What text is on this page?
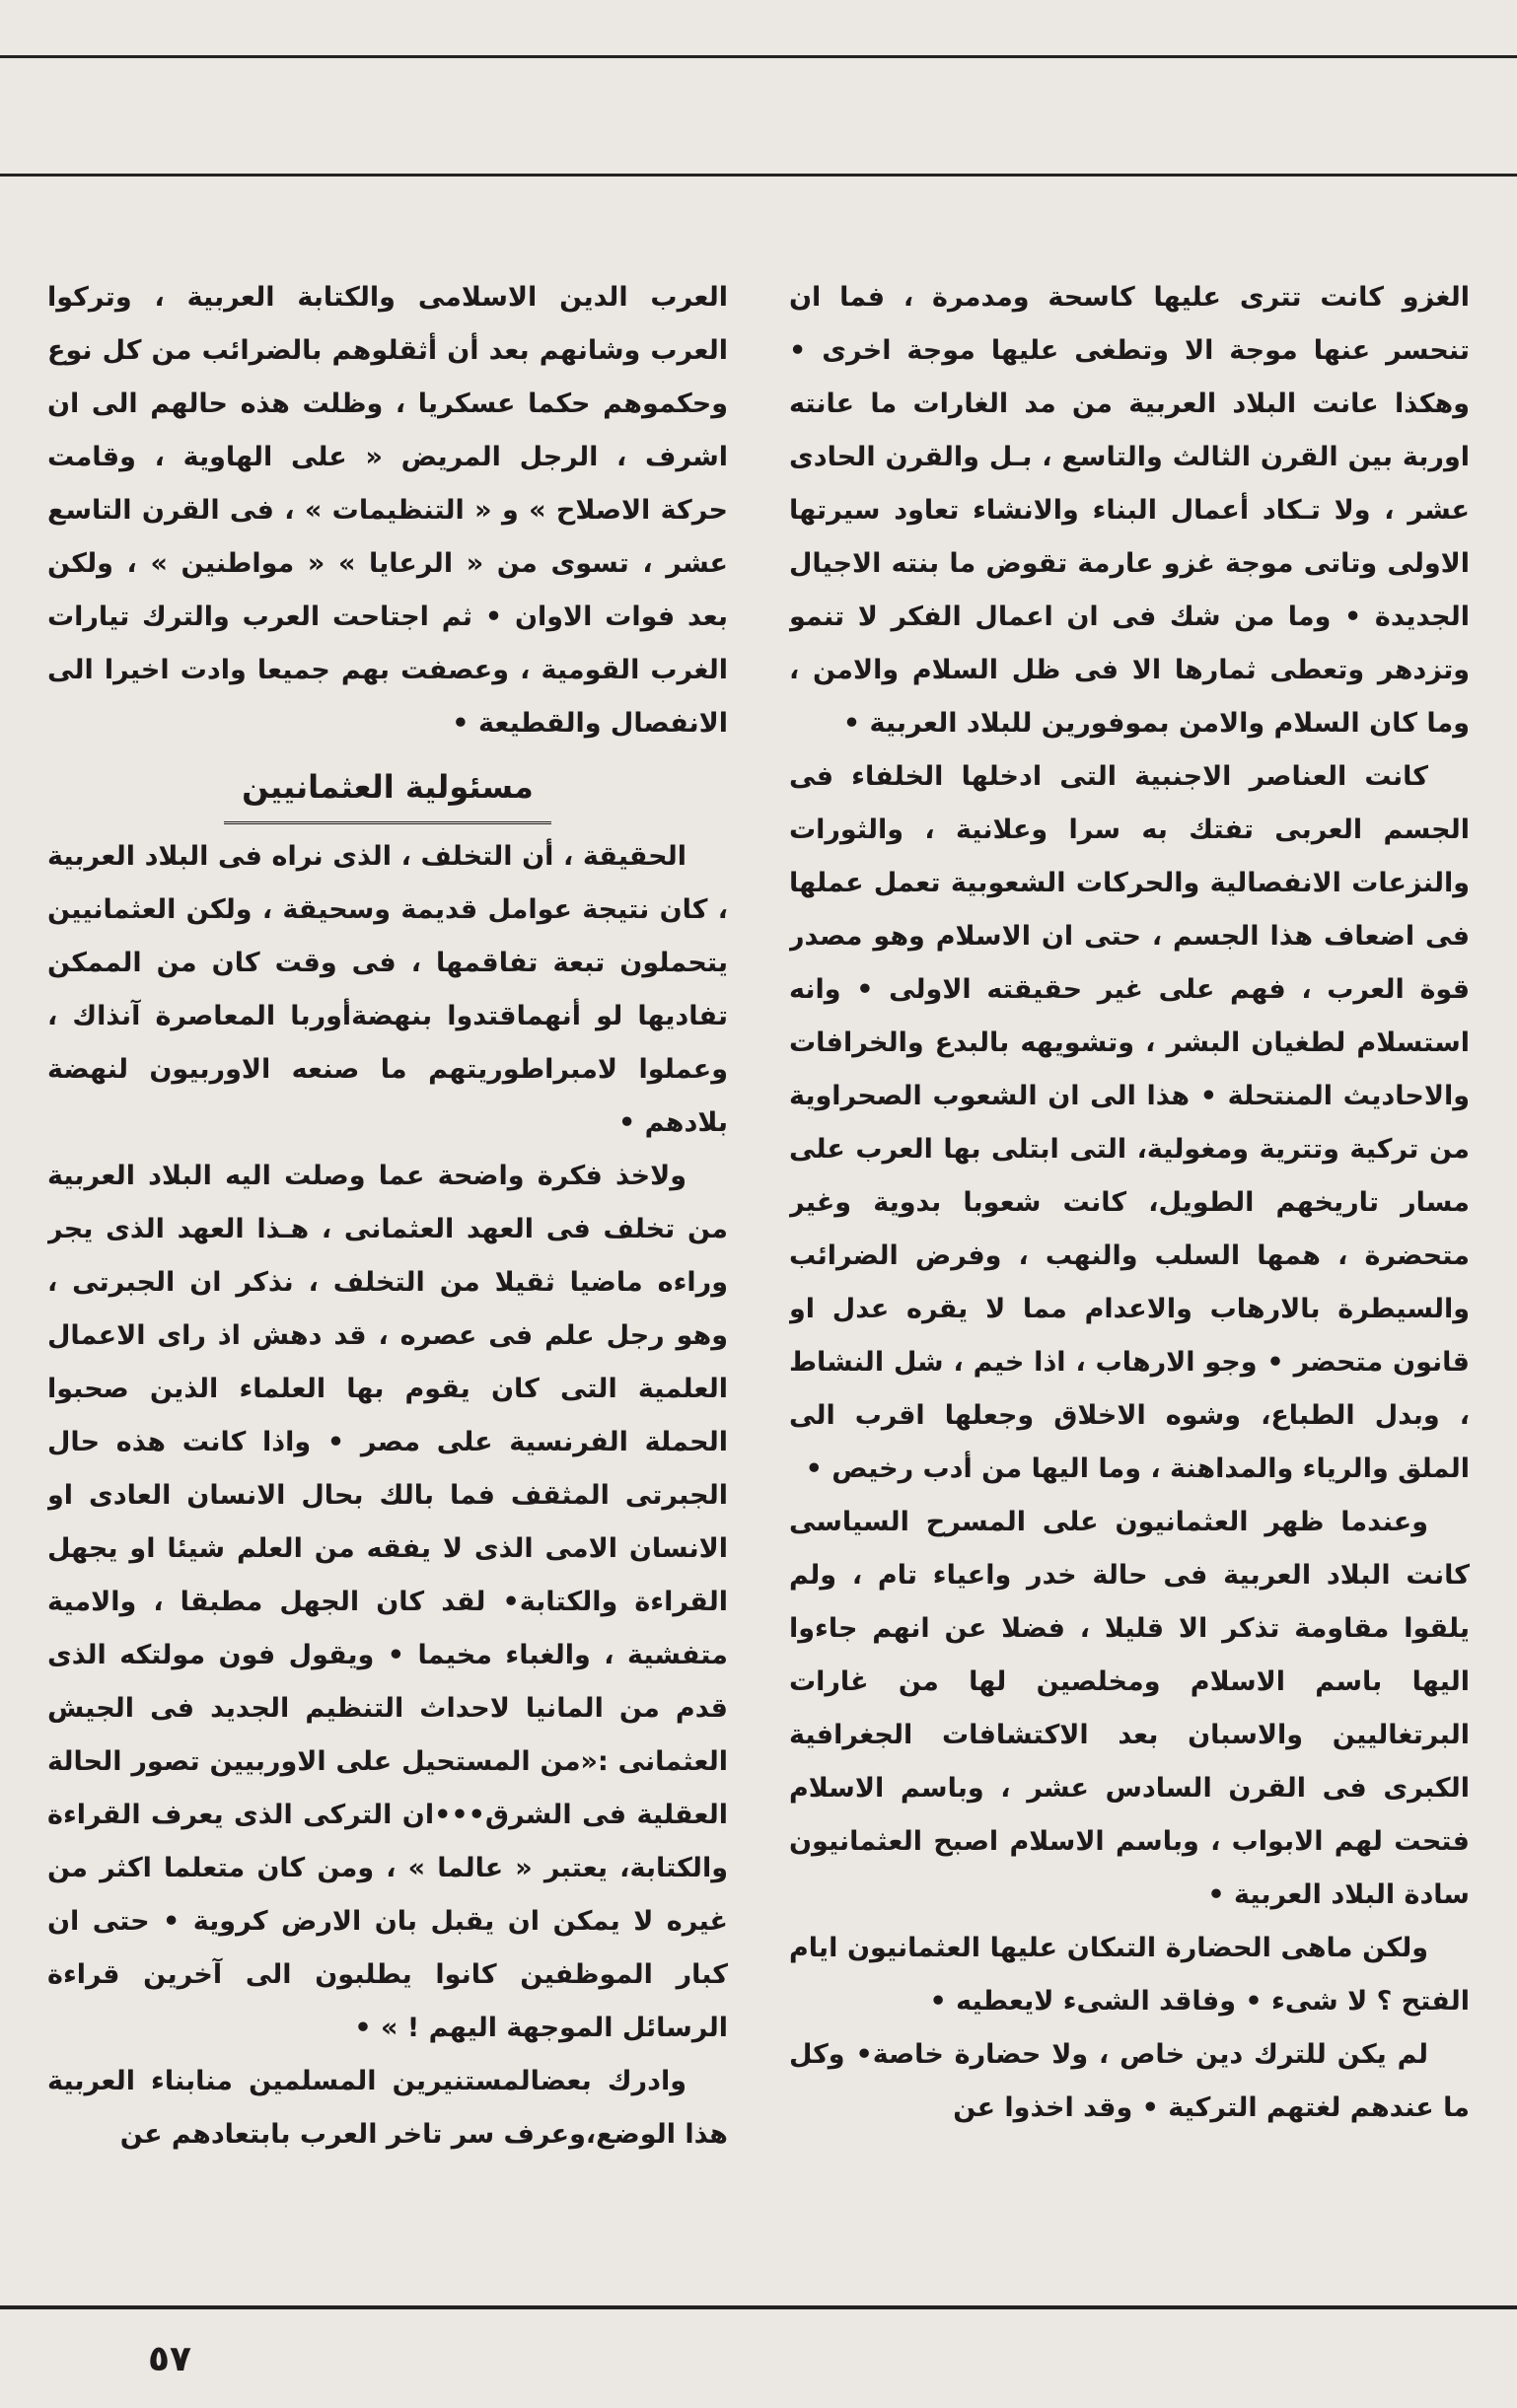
الغزو كانت تترى عليها كاسحة ومدمرة ، فما ان تنحسر عنها موجة الا وتطغى عليها موجة اخرى • وهكذا عانت البلاد العربية من مد الغارات ما عانته اوربة بين القرن الثالث والتاسع ، بـل والقرن الحادى عشر ، ولا تـكاد أعمال البناء والانشاء تعاود سيرتها الاولى وتاتى موجة غزو عارمة تقوض ما بنته الاجيال الجديدة • وما من شك فى ان اعمال الفكر لا تنمو وتزدهر وتعطى ثمارها الا فى ظل السلام والامن ، وما كان السلام والامن بموفورين للبلاد العربية •

كانت العناصر الاجنبية التى ادخلها الخلفاء فى الجسم العربى تفتك به سرا وعلانية ، والثورات والنزعات الانفصالية والحركات الشعوبية تعمل عملها فى اضعاف هذا الجسم ، حتى ان الاسلام وهو مصدر قوة العرب ، فهم على غير حقيقته الاولى • وانه استسلام لطغيان البشر ، وتشويهه بالبدع والخرافات والاحاديث المنتحلة • هذا الى ان الشعوب الصحراوية من تركية وتترية ومغولية، التى ابتلى بها العرب على مسار تاريخهم الطويل، كانت شعوبا بدوية وغير متحضرة ، همها السلب والنهب ، وفرض الضرائب والسيطرة بالارهاب والاعدام مما لا يقره عدل او قانون متحضر • وجو الارهاب ، اذا خيم ، شل النشاط ، وبدل الطباع، وشوه الاخلاق وجعلها اقرب الى الملق والرياء والمداهنة ، وما اليها من أدب رخيص •

وعندما ظهر العثمانيون على المسرح السياسى كانت البلاد العربية فى حالة خدر واعياء تام ، ولم يلقوا مقاومة تذكر الا قليلا ، فضلا عن انهم جاءوا اليها باسم الاسلام ومخلصين لها من غارات البرتغاليين والاسبان بعد الاكتشافات الجغرافية الكبرى فى القرن السادس عشر ، وباسم الاسلام فتحت لهم الابواب ، وباسم الاسلام اصبح العثمانيون سادة البلاد العربية •

ولكن ماهى الحضارة التىكان عليها العثمانيون ايام الفتح ؟ لا شىء • وفاقد الشىء لايعطيه •

لم يكن للترك دين خاص ، ولا حضارة خاصة• وكل ما عندهم لغتهم التركية • وقد اخذوا عن

العرب الدين الاسلامى والكتابة العربية ، وتركوا العرب وشانهم بعد أن أثقلوهم بالضرائب من كل نوع وحكموهم حكما عسكريا ، وظلت هذه حالهم الى ان اشرف ، الرجل المريض « على الهاوية ، وقامت حركة الاصلاح » و « التنظيمات » ، فى القرن التاسع عشر ، تسوى من « الرعايا » « مواطنين » ، ولكن بعد فوات الاوان • ثم اجتاحت العرب والترك تيارات الغرب القومية ، وعصفت بهم جميعا وادت اخيرا الى الانفصال والقطيعة •

مسئولية العثمانيين

الحقيقة ، أن التخلف ، الذى نراه فى البلاد العربية ، كان نتيجة عوامل قديمة وسحيقة ، ولكن العثمانيين يتحملون تبعة تفاقمها ، فى وقت كان من الممكن تفاديها لو أنهماقتدوا بنهضةأوربا المعاصرة آنذاك ، وعملوا لامبراطوريتهم ما صنعه الاوربيون لنهضة بلادهم •

ولاخذ فكرة واضحة عما وصلت اليه البلاد العربية من تخلف فى العهد العثمانى ، هـذا العهد الذى يجر وراءه ماضيا ثقيلا من التخلف ، نذكر ان الجبرتى ، وهو رجل علم فى عصره ، قد دهش اذ راى الاعمال العلمية التى كان يقوم بها العلماء الذين صحبوا الحملة الفرنسية على مصر • واذا كانت هذه حال الجبرتى المثقف فما بالك بحال الانسان العادى او الانسان الامى الذى لا يفقه من العلم شيئا او يجهل القراءة والكتابة• لقد كان الجهل مطبقا ، والامية متفشية ، والغباء مخيما • ويقول فون مولتكه الذى قدم من المانيا لاحداث التنظيم الجديد فى الجيش العثمانى :«من المستحيل على الاوربيين تصور الحالة العقلية فى الشرق•••ان التركى الذى يعرف القراءة والكتابة، يعتبر « عالما » ، ومن كان متعلما اكثر من غيره لا يمكن ان يقبل بان الارض كروية • حتى ان كبار الموظفين كانوا يطلبون الى آخرين قراءة الرسائل الموجهة اليهم ! » •

وادرك بعضالمستنيرين المسلمين منابناء العربية هذا الوضع،وعرف سر تاخر العرب بابتعادهم عن

٥٧
